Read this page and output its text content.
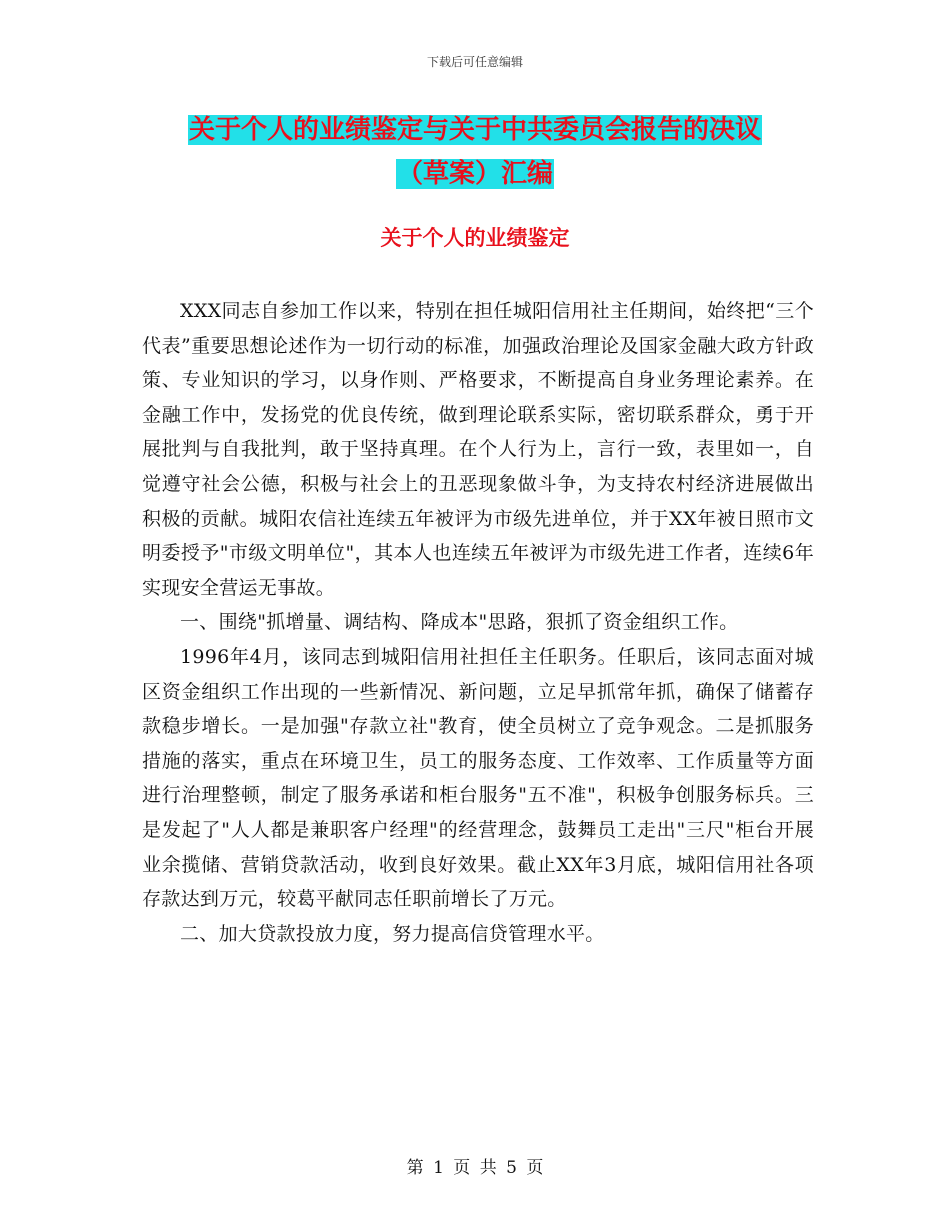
下载后可任意编辑
关于个人的业绩鉴定与关于中共委员会报告的决议
（草案）汇编
关于个人的业绩鉴定

XXX同志自参加工作以来，特别在担任城阳信用社主任期间，始终把“三个代表”重要思想论述作为一切行动的标准，加强政治理论及国家金融大政方针政策、专业知识的学习，以身作则、严格要求，不断提高自身业务理论素养。在金融工作中，发扬党的优良传统，做到理论联系实际，密切联系群众，勇于开展批判与自我批判，敢于坚持真理。在个人行为上，言行一致，表里如一，自觉遵守社会公德，积极与社会上的丑恶现象做斗争，为支持农村经济进展做出积极的贡献。城阳农信社连续五年被评为市级先进单位，并于XX年被日照市文明委授予"市级文明单位"，其本人也连续五年被评为市级先进工作者，连续6年实现安全营运无事故。

一、围绕"抓增量、调结构、降成本"思路，狠抓了资金组织工作。

1996年4月，该同志到城阳信用社担任主任职务。任职后，该同志面对城区资金组织工作出现的一些新情况、新问题，立足早抓常年抓，确保了储蓄存款稳步增长。一是加强"存款立社"教育，使全员树立了竞争观念。二是抓服务措施的落实，重点在环境卫生，员工的服务态度、工作效率、工作质量等方面进行治理整顿，制定了服务承诺和柜台服务"五不准"，积极争创服务标兵。三是发起了"人人都是兼职客户经理"的经营理念，鼓舞员工走出"三尺"柜台开展业余揽储、营销贷款活动，收到良好效果。截止XX年3月底，城阳信用社各项存款达到万元，较葛平献同志任职前增长了万元。

二、加大贷款投放力度，努力提高信贷管理水平。

第 1 页 共 5 页
